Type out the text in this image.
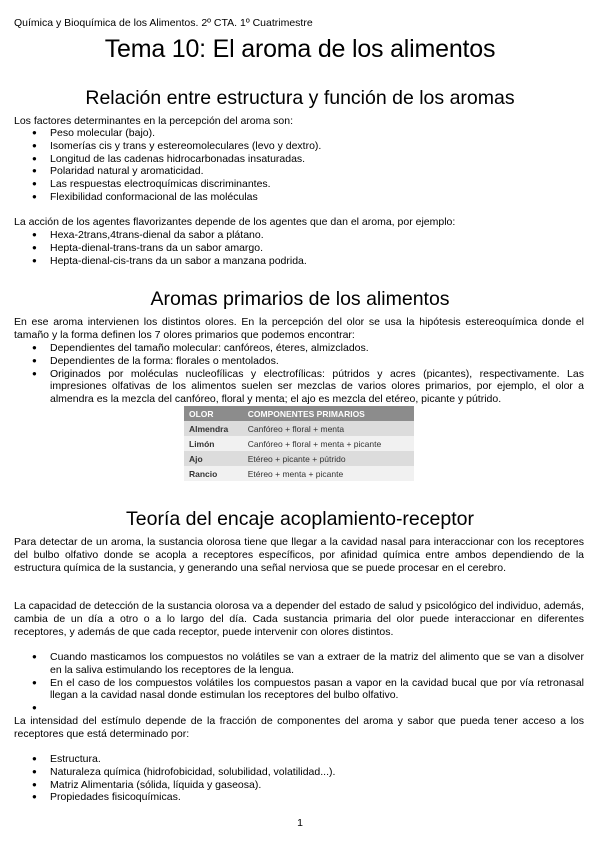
Química y Bioquímica de los Alimentos. 2º CTA. 1º Cuatrimestre
Tema 10: El aroma de los alimentos
Relación entre estructura y función de los aromas

Los factores determinantes en la percepción del aroma son:

● Peso molecular (bajo).
● Isomerías cis y trans y estereomoleculares (levo y dextro).
● Longitud de las cadenas hidrocarbonadas insaturadas.
● Polaridad natural y aromaticidad.
● Las respuestas electroquímicas discriminantes.
● Flexibilidad conformacional de las moléculas

La acción de los agentes flavorizantes depende de los agentes que dan el aroma, por ejemplo:

● Hexa-2trans,4trans-dienal da sabor a plátano.
● Hepta-dienal-trans-trans da un sabor amargo.
● Hepta-dienal-cis-trans da un sabor a manzana podrida.
Aromas primarios de los alimentos

En ese aroma intervienen los distintos olores. En la percepción del olor se usa la hipótesis estereoquímica donde el tamaño y la forma definen los 7 olores primarios que podemos encontrar:

● Dependientes del tamaño molecular: canfóreos, éteres, almizclados.
● Dependientes de la forma: florales o mentolados.
● Originados por moléculas nucleofílicas y electrofílicas: pútridos y acres (picantes), respectivamente. Las impresiones olfativas de los alimentos suelen ser mezclas de varios olores primarios, por ejemplo, el olor a almendra es la mezcla del canfóreo, floral y menta; el ajo es mezcla del etéreo, picante y pútrido.
OLOR	COMPONENTES PRIMARIOS
Almendra	Canfóreo + floral + menta
Limón	Canfóreo + floral + menta + picante
Ajo	Etéreo + picante + pútrido
Rancio	Etéreo + menta + picante
Teoría del encaje acoplamiento-receptor

Para detectar de un aroma, la sustancia olorosa tiene que llegar a la cavidad nasal para interaccionar con los receptores del bulbo olfativo donde se acopla a receptores específicos, por afinidad química entre ambos dependiendo de la estructura química de la sustancia, y generando una señal nerviosa que se puede procesar en el cerebro.

La capacidad de detección de la sustancia olorosa va a depender del estado de salud y psicológico del individuo, además, cambia de un día a otro o a lo largo del día. Cada sustancia primaria del olor puede interaccionar en diferentes receptores, y además de que cada receptor, puede intervenir con olores distintos.

● Cuando masticamos los compuestos no volátiles se van a extraer de la matriz del alimento que se van a disolver en la saliva estimulando los receptores de la lengua.
● En el caso de los compuestos volátiles los compuestos pasan a vapor en la cavidad bucal que por vía retronasal llegan a la cavidad nasal donde estimulan los receptores del bulbo olfativo.
●

La intensidad del estímulo depende de la fracción de componentes del aroma y sabor que pueda tener acceso a los receptores que está determinado por:

● Estructura.
● Naturaleza química (hidrofobicidad, solubilidad, volatilidad...).
● Matriz Alimentaria (sólida, líquida y gaseosa).
● Propiedades fisicoquímicas.
1
